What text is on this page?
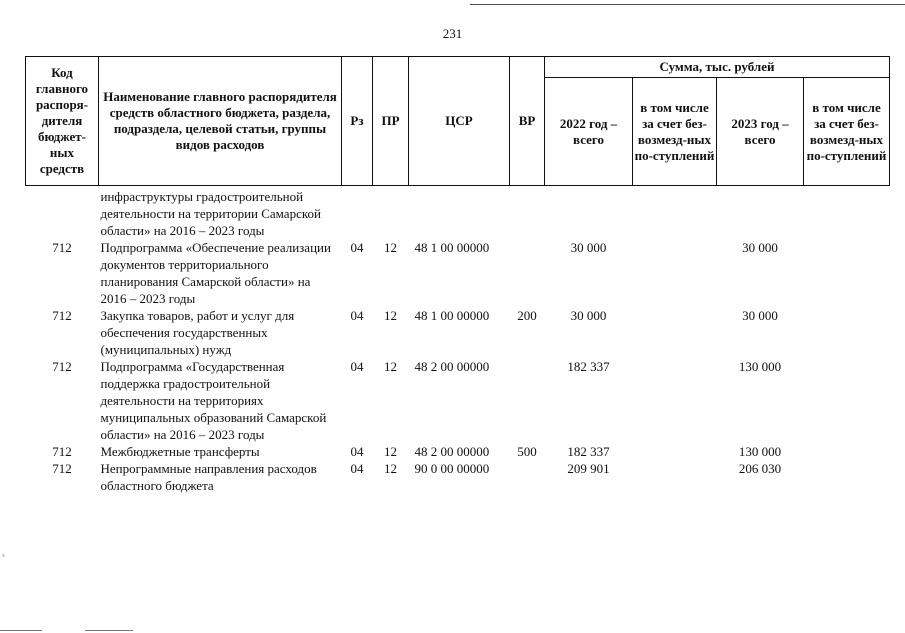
231
Код главного распоря-дителя бюджет-ных средств	Наименование главного распорядителя средств областного бюджета, раздела, подраздела, целевой статьи, группы видов расходов	Рз	ПР	ЦСР	ВР	Сумма, тыс. рублей			
						2022 год – всего	в том числе за счет без-возмезд-ных по-ступлений	2023 год – всего	в том числе за счет без-возмезд-ных по-ступлений
	инфраструктуры градостроительной деятельности на территории Самарской области» на 2016 – 2023 годы								
712	Подпрограмма «Обеспечение реализации документов территориального планирования Самарской области» на 2016 – 2023 годы	04	12	48 1 00 00000		30 000		30 000	
712	Закупка товаров, работ и услуг для обеспечения государственных (муниципальных) нужд	04	12	48 1 00 00000	200	30 000		30 000	
712	Подпрограмма «Государственная поддержка градостроительной деятельности на территориях муниципальных образований Самарской области» на 2016 – 2023 годы	04	12	48 2 00 00000		182 337		130 000	
712	Межбюджетные трансферты	04	12	48 2 00 00000	500	182 337		130 000	
712	Непрограммные направления расходов областного бюджета	04	12	90 0 00 00000		209 901		206 030	
ˢ
